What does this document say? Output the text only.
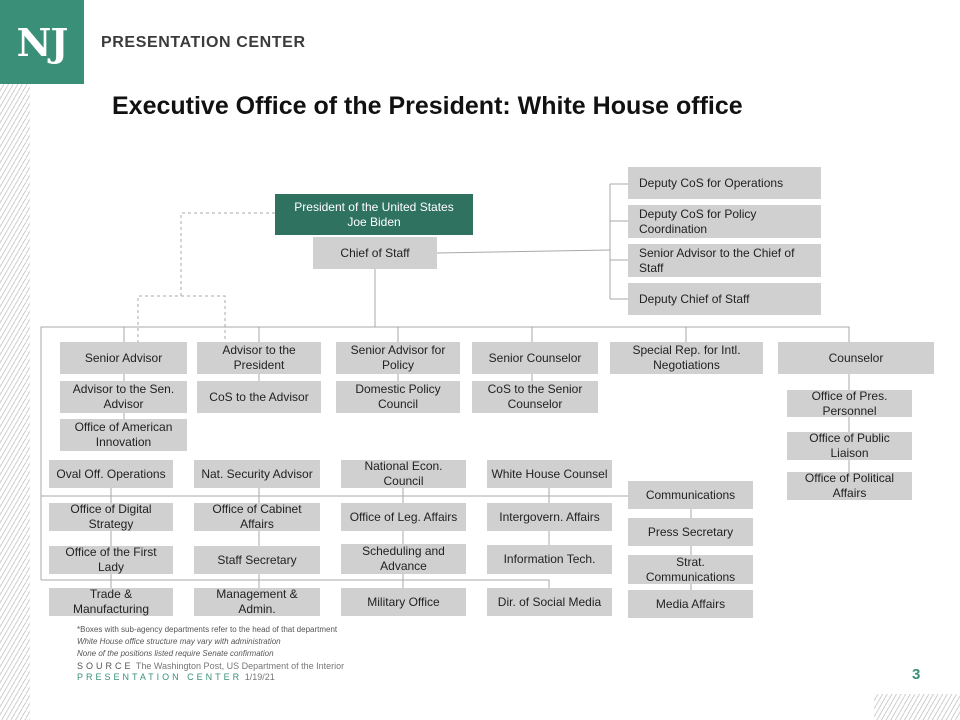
NJ	PRESENTATION CENTER
Executive Office of the President: White House office
President of the United States
Joe Biden
Chief of Staff
Deputy CoS for Operations
Deputy CoS for Policy Coordination
Senior Advisor to the Chief of Staff
Deputy Chief of Staff
Senior Advisor
Advisor to the President
Senior Advisor for Policy
Senior Counselor
Special Rep. for Intl. Negotiations
Counselor
Advisor to the Sen. Advisor
CoS to the Advisor
Domestic Policy Council
CoS to the Senior Counselor
Office of American Innovation
Office of Pres. Personnel
Office of Public Liaison
Office of Political Affairs
Oval Off. Operations
Office of Digital Strategy
Office of the First Lady
Trade & Manufacturing
Nat. Security Advisor
Office of Cabinet Affairs
Staff Secretary
Management & Admin.
National Econ. Council
Office of Leg. Affairs
Scheduling and Advance
Military Office
White House Counsel
Intergovern. Affairs
Information Tech.
Dir. of Social Media
Communications
Press Secretary
Strat. Communications
Media Affairs
*Boxes with sub-agency departments refer to the head of that department
White House office structure may vary with administration
None of the positions listed require Senate confirmation
SOURCE The Washington Post, US Department of the Interior
PRESENTATION CENTER 1/19/21	3
